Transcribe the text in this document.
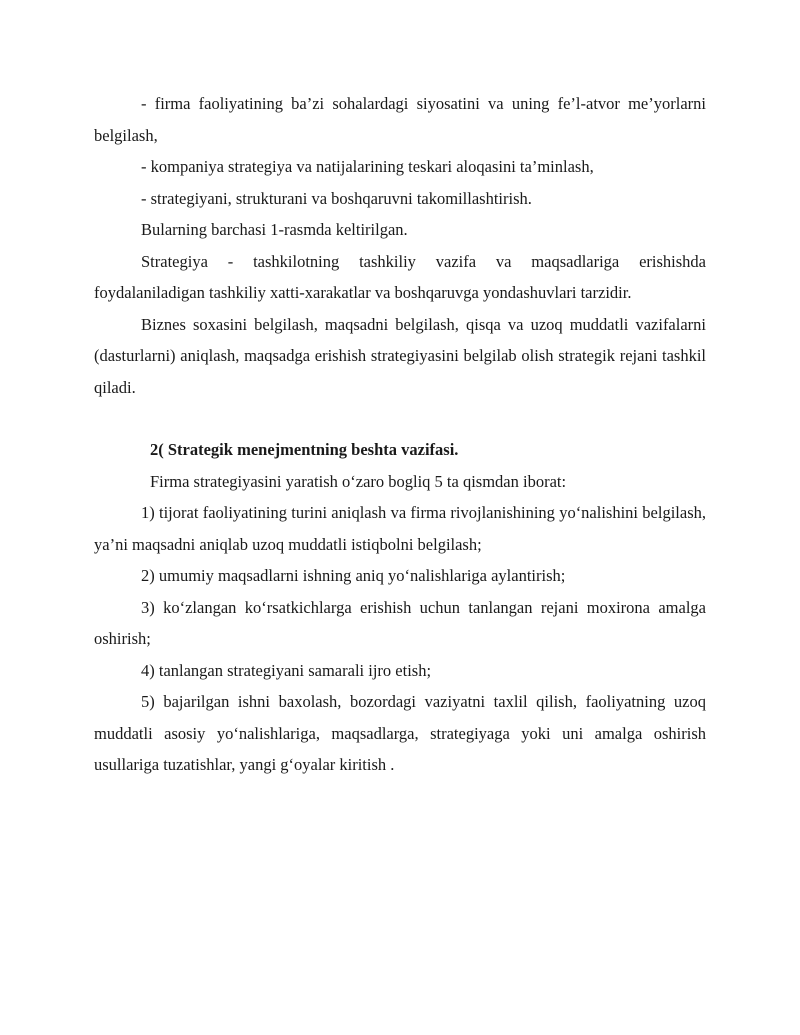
- firma faoliyatining ba’zi sohalardagi siyosatini va uning fe’l-atvor me’yorlarni belgilash,

- kompaniya strategiya va natijalarining teskari aloqasini ta’minlash,

- strategiyani, strukturani va boshqaruvni takomillashtirish.

Bularning barchasi 1-rasmda keltirilgan.

Strategiya - tashkilotning tashkiliy vazifa va maqsadlariga erishishda foydalaniladigan tashkiliy xatti-xarakatlar va boshqaruvga yondashuvlari tarzidir.

Biznes soxasini belgilash, maqsadni belgilash, qisqa va uzoq muddatli vazifalarni (dasturlarni) aniqlash, maqsadga erishish strategiyasini belgilab olish strategik rejani tashkil qiladi.

2( Strategik menejmentning beshta vazifasi.

Firma strategiyasini yaratish o‘zaro bogliq 5 ta qismdan iborat:

1) tijorat faoliyatining turini aniqlash va firma rivojlanishining yo‘nalishini belgilash, ya’ni maqsadni aniqlab uzoq muddatli istiqbolni belgilash;

2) umumiy maqsadlarni ishning aniq yo‘nalishlariga aylantirish;

3) ko‘zlangan ko‘rsatkichlarga erishish uchun tanlangan rejani moxirona amalga oshirish;

4) tanlangan strategiyani samarali ijro etish;

5) bajarilgan ishni baxolash, bozordagi vaziyatni taxlil qilish, faoliyatning uzoq muddatli asosiy yo‘nalishlariga, maqsadlarga, strategiyaga yoki uni amalga oshirish usullariga tuzatishlar, yangi g‘oyalar kiritish .
